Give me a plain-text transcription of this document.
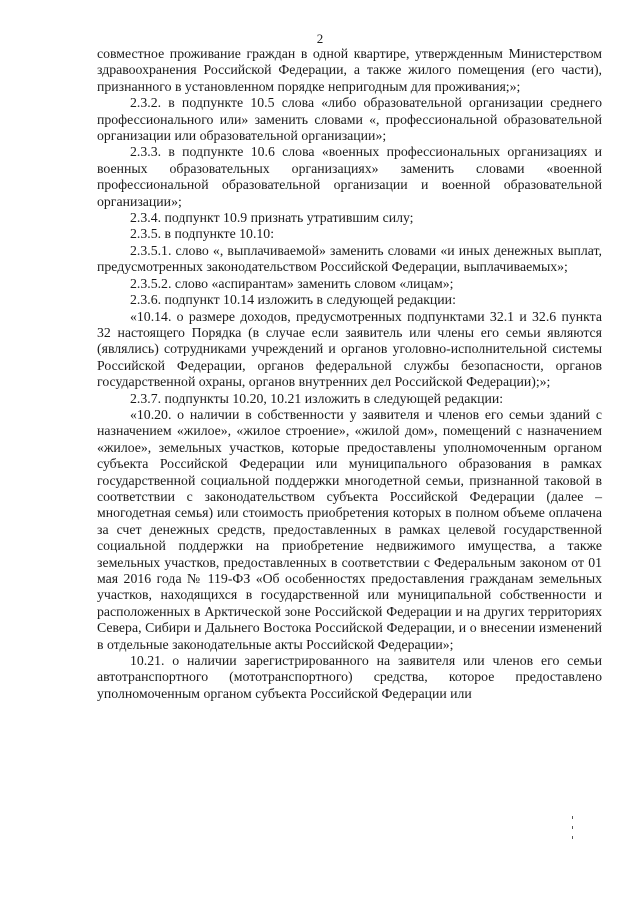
2

совместное проживание граждан в одной квартире, утвержденным Министерством здравоохранения Российской Федерации, а также жилого помещения (его части), признанного в установленном порядке непригодным для проживания;»;

2.3.2. в подпункте 10.5 слова «либо образовательной организации среднего профессионального или» заменить словами «, профессиональной образовательной организации или образовательной организации»;

2.3.3. в подпункте 10.6 слова «военных профессиональных организациях и военных образовательных организациях» заменить словами «военной профессиональной образовательной организации и военной образовательной организации»;

2.3.4. подпункт 10.9 признать утратившим силу;

2.3.5. в подпункте 10.10:

2.3.5.1. слово «, выплачиваемой» заменить словами «и иных денежных выплат, предусмотренных законодательством Российской Федерации, выплачиваемых»;

2.3.5.2. слово «аспирантам» заменить словом «лицам»;

2.3.6. подпункт 10.14 изложить в следующей редакции:

«10.14. о размере доходов, предусмотренных подпунктами 32.1 и 32.6 пункта 32 настоящего Порядка (в случае если заявитель или члены его семьи являются (являлись) сотрудниками учреждений и органов уголовно-исполнительной системы Российской Федерации, органов федеральной службы безопасности, органов государственной охраны, органов внутренних дел Российской Федерации);»;

2.3.7. подпункты 10.20, 10.21 изложить в следующей редакции:

«10.20. о наличии в собственности у заявителя и членов его семьи зданий с назначением «жилое», «жилое строение», «жилой дом», помещений с назначением «жилое», земельных участков, которые предоставлены уполномоченным органом субъекта Российской Федерации или муниципального образования в рамках государственной социальной поддержки многодетной семьи, признанной таковой в соответствии с законодательством субъекта Российской Федерации (далее – многодетная семья) или стоимость приобретения которых в полном объеме оплачена за счет денежных средств, предоставленных в рамках целевой государственной социальной поддержки на приобретение недвижимого имущества, а также земельных участков, предоставленных в соответствии с Федеральным законом от 01 мая 2016 года № 119-ФЗ «Об особенностях предоставления гражданам земельных участков, находящихся в государственной или муниципальной собственности и расположенных в Арктической зоне Российской Федерации и на других территориях Севера, Сибири и Дальнего Востока Российской Федерации, и о внесении изменений в отдельные законодательные акты Российской Федерации»;

10.21. о наличии зарегистрированного на заявителя или членов его семьи автотранспортного (мототранспортного) средства, которое предоставлено уполномоченным органом субъекта Российской Федерации или
